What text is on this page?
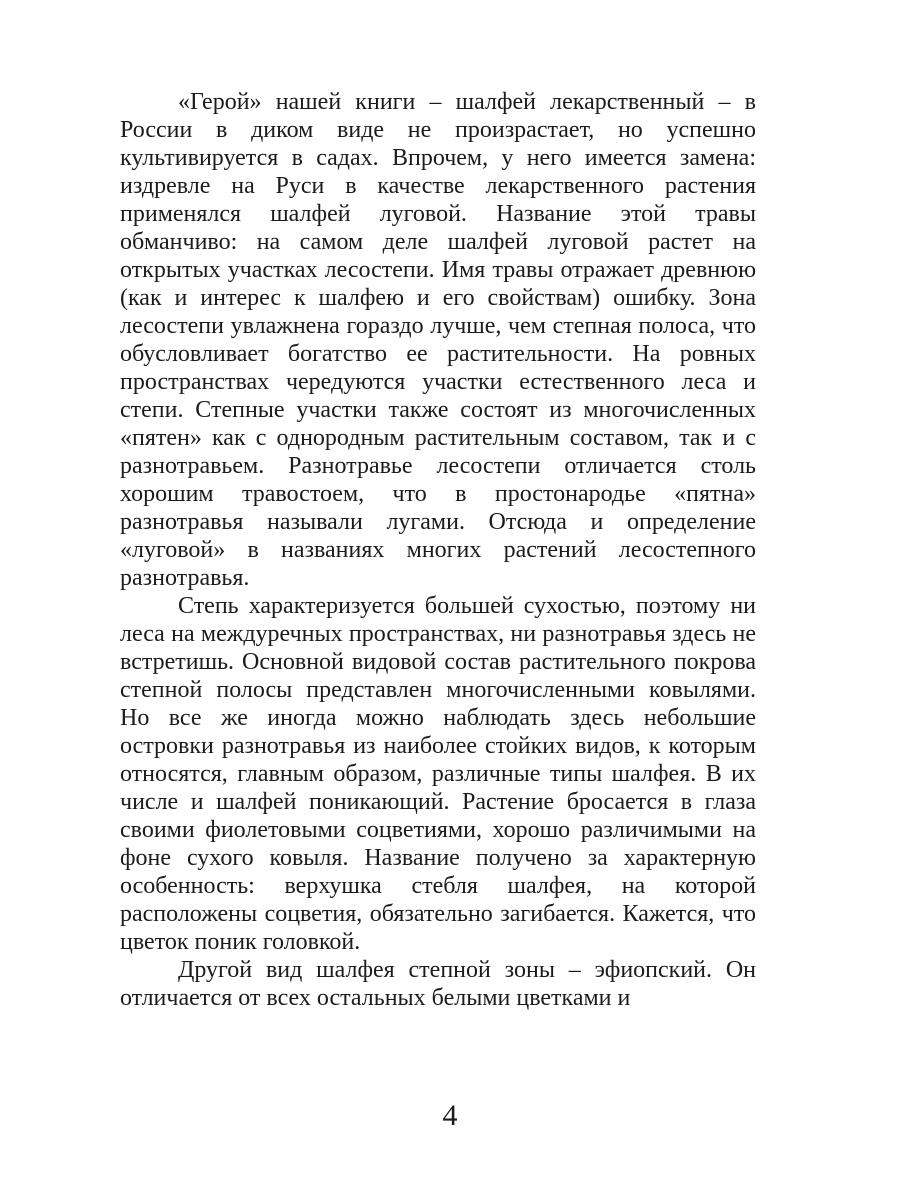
«Герой» нашей книги – шалфей лекарственный – в России в диком виде не произрастает, но успешно культивируется в садах. Впрочем, у него имеется замена: издревле на Руси в качестве лекарственного растения применялся шалфей луговой. Название этой травы обманчиво: на самом деле шалфей луговой растет на открытых участках лесостепи. Имя травы отражает древнюю (как и интерес к шалфею и его свойствам) ошибку. Зона лесостепи увлажнена гораздо лучше, чем степная полоса, что обусловливает богатство ее растительности. На ровных пространствах чередуются участки естественного леса и степи. Степные участки также состоят из многочисленных «пятен» как с однородным растительным составом, так и с разнотравьем. Разнотравье лесостепи отличается столь хорошим травостоем, что в простонародье «пятна» разнотравья называли лугами. Отсюда и определение «луговой» в названиях многих растений лесостепного разнотравья.

Степь характеризуется большей сухостью, поэтому ни леса на междуречных пространствах, ни разнотравья здесь не встретишь. Основной видовой состав растительного покрова степной полосы представлен многочисленными ковылями. Но все же иногда можно наблюдать здесь небольшие островки разнотравья из наиболее стойких видов, к которым относятся, главным образом, различные типы шалфея. В их числе и шалфей поникающий. Растение бросается в глаза своими фиолетовыми соцветиями, хорошо различимыми на фоне сухого ковыля. Название получено за характерную особенность: верхушка стебля шалфея, на которой расположены соцветия, обязательно загибается. Кажется, что цветок поник головкой.

Другой вид шалфея степной зоны – эфиопский. Он отличается от всех остальных белыми цветками и

4
